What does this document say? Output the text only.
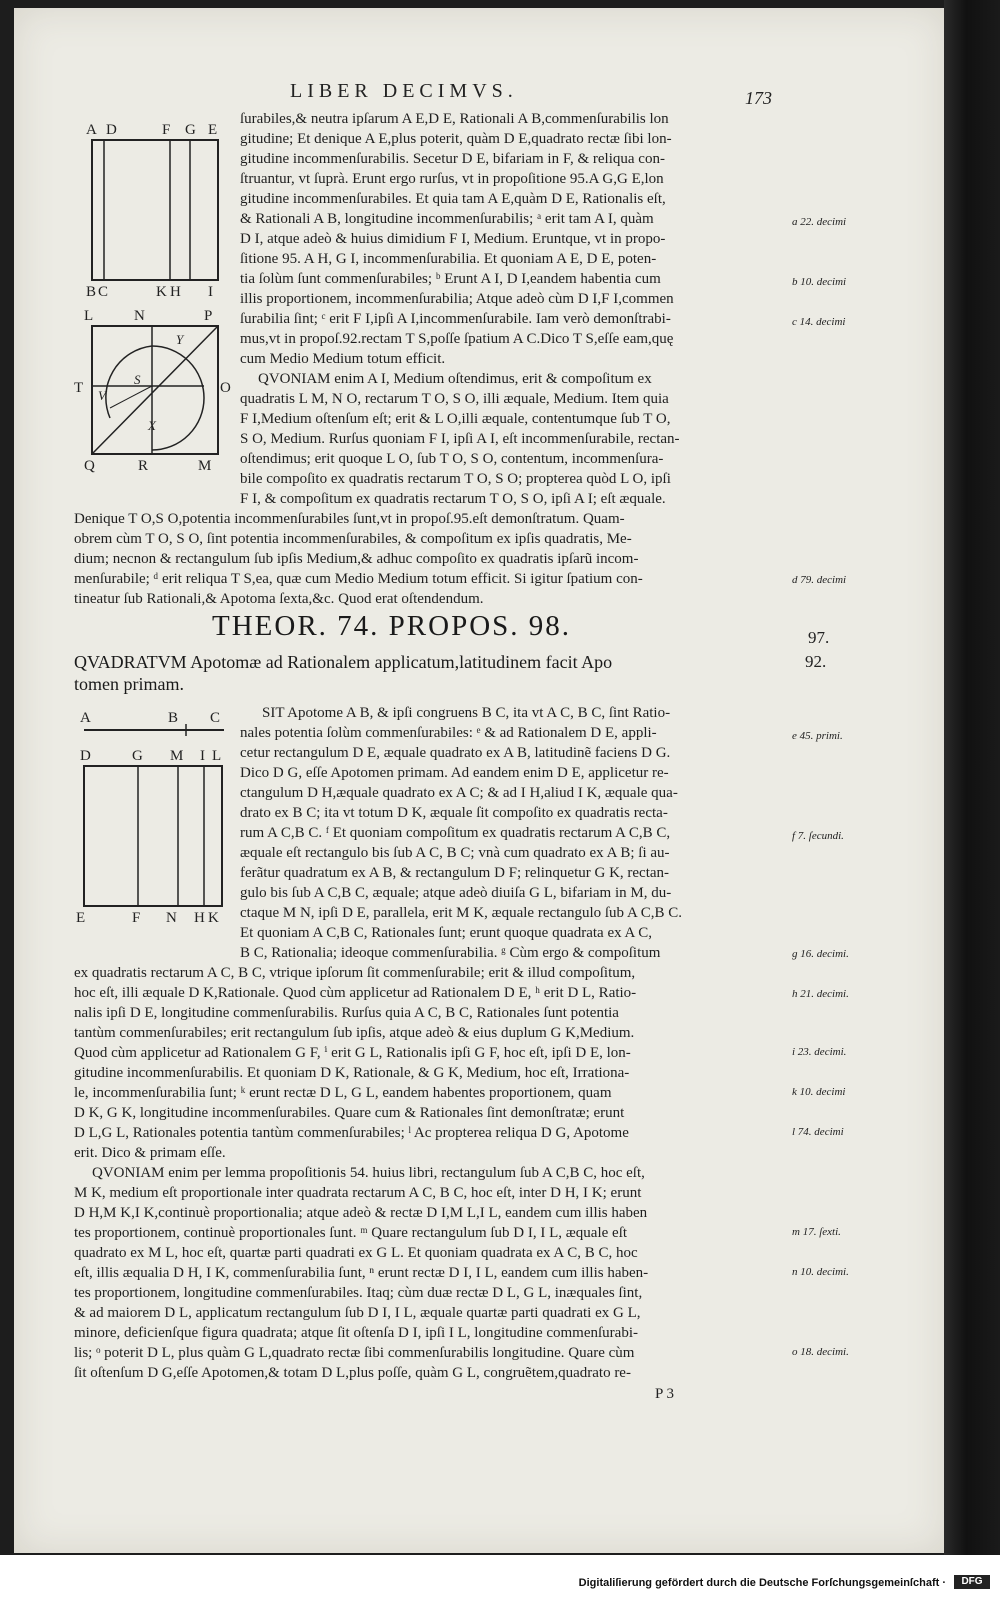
LIBER DECIMVS.	173
A D	F G E
B C	K H I
L	N	P
T	O
Q	R	M
S
V
X
Y
A	B C
D	G M I L
E	F N H K

ſurabiles,& neutra ipſarum A E,D E, Rationali A B,commenſurabilis lon

gitudine; Et denique A E,plus poterit, quàm D E,quadrato rectæ ſibi lon-

gitudine incommenſurabilis. Secetur D E, bifariam in F, & reliqua con-

ſtruantur, vt ſuprà. Erunt ergo rurſus, vt in propoſitione 95.A G,G E,lon

gitudine incommenſurabiles. Et quia tam A E,quàm D E, Rationalis eſt,

& Rationali A B, longitudine incommenſurabilis; ᵃ erit tam A I, quàm

D I, atque adeò & huius dimidium F I, Medium. Eruntque, vt in propo-

ſitione 95. A H, G I, incommenſurabilia. Et quoniam A E, D E, poten-

tia ſolùm ſunt commenſurabiles; ᵇ Erunt A I, D I,eandem habentia cum

illis proportionem, incommenſurabilia; Atque adeò cùm D I,F I,commen

ſurabilia ſint; ᶜ erit F I,ipſi A I,incommenſurabile. Iam verò demonſtrabi-

mus,vt in propoſ.92.rectam T S,poſſe ſpatium A C.Dico T S,eſſe eam,quę

cum Medio Medium totum efficit.

QVONIAM enim A I, Medium oſtendimus, erit & compoſitum ex

quadratis L M, N O, rectarum T O, S O, illi æquale, Medium. Item quia

F I,Medium oſtenſum eſt; erit & L O,illi æquale, contentumque ſub T O,

S O, Medium. Rurſus quoniam F I, ipſi A I, eſt incommenſurabile, rectan-

oſtendimus; erit quoque L O, ſub T O, S O, contentum, incommenſura-

bile compoſito ex quadratis rectarum T O, S O; propterea quòd L O, ipſi

F I, & compoſitum ex quadratis rectarum T O, S O, ipſi A I; eſt æquale.

Denique T O,S O,potentia incommenſurabiles ſunt,vt in propoſ.95.eſt demonſtratum. Quam-

obrem cùm T O, S O, ſint potentia incommenſurabiles, & compoſitum ex ipſis quadratis, Me-

dium; necnon & rectangulum ſub ipſis Medium,& adhuc compoſito ex quadratis ipſarũ incom-

menſurabile; ᵈ erit reliqua T S,ea, quæ cum Medio Medium totum efficit. Si igitur ſpatium con-

tineatur ſub Rationali,& Apotoma ſexta,&c. Quod erat oſtendendum.

THEOR. 74. PROPOS. 98.	97.
92.

QVADRATVM Apotomæ ad Rationalem applicatum,latitudinem facit Apo

tomen primam.

SIT Apotome A B, & ipſi congruens B C, ita vt A C, B C, ſint Ratio-

nales potentia ſolùm commenſurabiles: ᵉ & ad Rationalem D E, appli-

cetur rectangulum D E, æquale quadrato ex A B, latitudinẽ faciens D G.

Dico D G, eſſe Apotomen primam. Ad eandem enim D E, applicetur re-

ctangulum D H,æquale quadrato ex A C; & ad I H,aliud I K, æquale qua-

drato ex B C; ita vt totum D K, æquale ſit compoſito ex quadratis recta-

rum A C,B C. ᶠ Et quoniam compoſitum ex quadratis rectarum A C,B C,

æquale eſt rectangulo bis ſub A C, B C; vnà cum quadrato ex A B; ſi au-

ferãtur quadratum ex A B, & rectangulum D F; relinquetur G K, rectan-

gulo bis ſub A C,B C, æquale; atque adeò diuiſa G L, bifariam in M, du-

ctaque M N, ipſi D E, parallela, erit M K, æquale rectangulo ſub A C,B C.

Et quoniam A C,B C, Rationales ſunt; erunt quoque quadrata ex A C,

B C, Rationalia; ideoque commenſurabilia. ᵍ Cùm ergo & compoſitum

ex quadratis rectarum A C, B C, vtrique ipſorum ſit commenſurabile; erit & illud compoſitum,

hoc eſt, illi æquale D K,Rationale. Quod cùm applicetur ad Rationalem D E, ʰ erit D L, Ratio-

nalis ipſi D E, longitudine commenſurabilis. Rurſus quia A C, B C, Rationales ſunt potentia

tantùm commenſurabiles; erit rectangulum ſub ipſis, atque adeò & eius duplum G K,Medium.

Quod cùm applicetur ad Rationalem G F, ⁱ erit G L, Rationalis ipſi G F, hoc eſt, ipſi D E, lon-

gitudine incommenſurabilis. Et quoniam D K, Rationale, & G K, Medium, hoc eſt, Irrationa-

le, incommenſurabilia ſunt; ᵏ erunt rectæ D L, G L, eandem habentes proportionem, quam

D K, G K, longitudine incommenſurabiles. Quare cum & Rationales ſint demonſtratæ; erunt

D L,G L, Rationales potentia tantùm commenſurabiles; ˡ Ac propterea reliqua D G, Apotome

erit. Dico & primam eſſe.

QVONIAM enim per lemma propoſitionis 54. huius libri, rectangulum ſub A C,B C, hoc eſt,

M K, medium eſt proportionale inter quadrata rectarum A C, B C, hoc eſt, inter D H, I K; erunt

D H,M K,I K,continuè proportionalia; atque adeò & rectæ D I,M L,I L, eandem cum illis haben

tes proportionem, continuè proportionales ſunt. ᵐ Quare rectangulum ſub D I, I L, æquale eſt

quadrato ex M L, hoc eſt, quartæ parti quadrati ex G L. Et quoniam quadrata ex A C, B C, hoc

eſt, illis æqualia D H, I K, commenſurabilia ſunt, ⁿ erunt rectæ D I, I L, eandem cum illis haben-

tes proportionem, longitudine commenſurabiles. Itaq; cùm duæ rectæ D L, G L, inæquales ſint,

& ad maiorem D L, applicatum rectangulum ſub D I, I L, æquale quartæ parti quadrati ex G L,

minore, deficienſque figura quadrata; atque ſit oſtenſa D I, ipſi I L, longitudine commenſurabi-

lis; ᵒ poterit D L, plus quàm G L,quadrato rectæ ſibi commenſurabilis longitudine. Quare cùm

ſit oſtenſum D G,eſſe Apotomen,& totam D L,plus poſſe, quàm G L, congruẽtem,quadrato re-

a 22. decimi
b 10. decimi
c 14. decimi
d 79. decimi
e 45. primi.
f 7. ſecundi.
g 16. decimi.
h 21. decimi.
i 23. decimi.
k 10. decimi
l 74. decimi
m 17. ſexti.
n 10. decimi.
o 18. decimi.
P 3
Digitaliſierung gefördert durch die Deutsche Forſchungsgemeinſchaft ·	DFG
